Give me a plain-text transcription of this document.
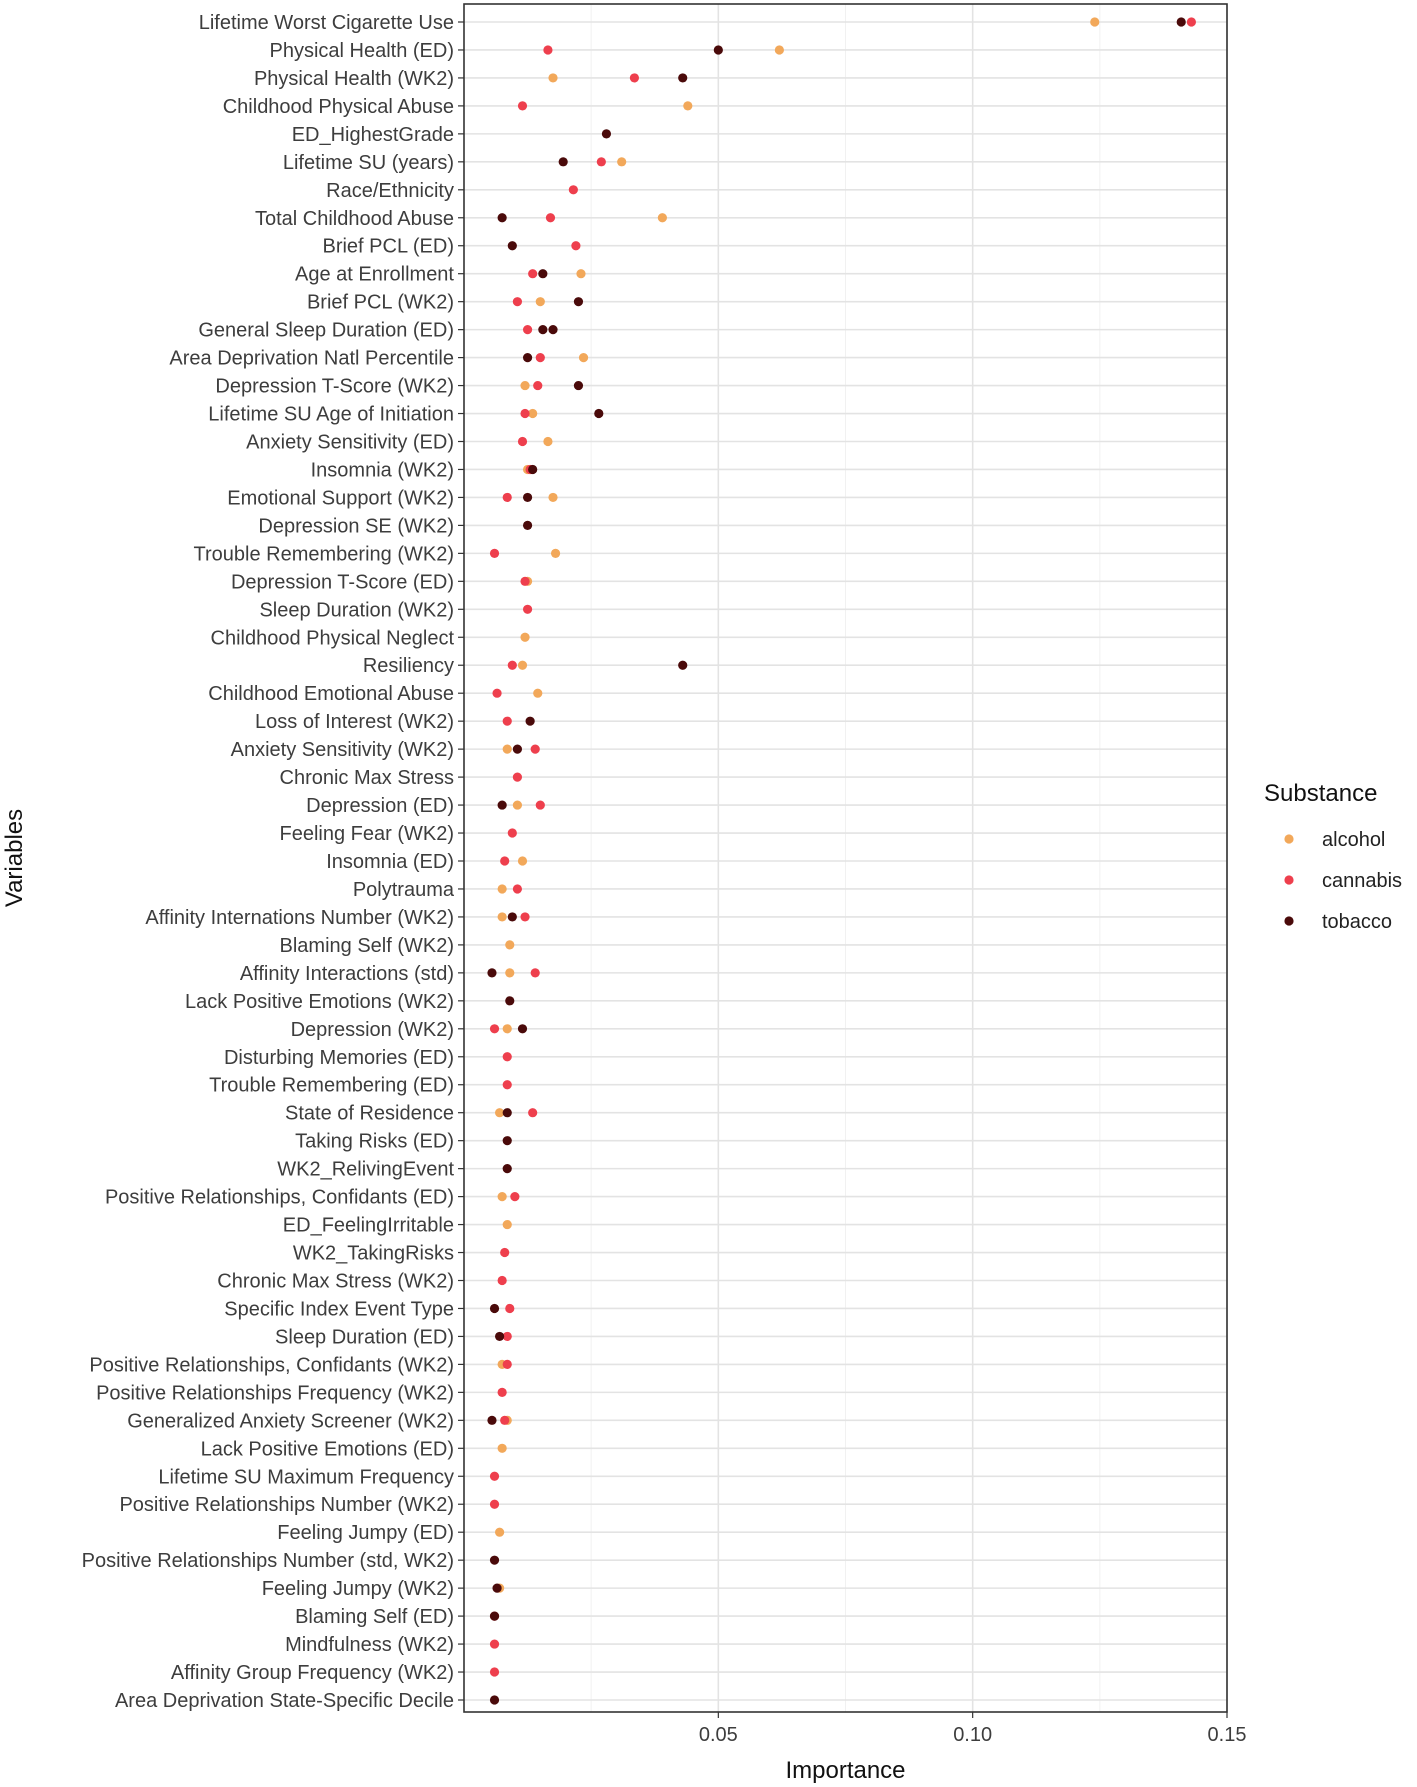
Lifetime Worst Cigarette Use
Physical Health (ED)
Physical Health (WK2)
Childhood Physical Abuse
ED_HighestGrade
Lifetime SU (years)
Race/Ethnicity
Total Childhood Abuse
Brief PCL (ED)
Age at Enrollment
Brief PCL (WK2)
General Sleep Duration (ED)
Area Deprivation Natl Percentile
Depression T-Score (WK2)
Lifetime SU Age of Initiation
Anxiety Sensitivity (ED)
Insomnia (WK2)
Emotional Support (WK2)
Depression SE (WK2)
Trouble Remembering (WK2)
Depression T-Score (ED)
Sleep Duration (WK2)
Childhood Physical Neglect
Resiliency
Childhood Emotional Abuse
Loss of Interest (WK2)
Anxiety Sensitivity (WK2)
Chronic Max Stress
Depression (ED)
Feeling Fear (WK2)
Insomnia (ED)
Polytrauma
Affinity Internations Number (WK2)
Blaming Self (WK2)
Affinity Interactions (std)
Lack Positive Emotions (WK2)
Depression (WK2)
Disturbing Memories (ED)
Trouble Remembering (ED)
State of Residence
Taking Risks (ED)
WK2_RelivingEvent
Positive Relationships, Confidants (ED)
ED_FeelingIrritable
WK2_TakingRisks
Chronic Max Stress (WK2)
Specific Index Event Type
Sleep Duration (ED)
Positive Relationships, Confidants (WK2)
Positive Relationships Frequency (WK2)
Generalized Anxiety Screener (WK2)
Lack Positive Emotions (ED)
Lifetime SU Maximum Frequency
Positive Relationships Number (WK2)
Feeling Jumpy (ED)
Positive Relationships Number (std, WK2)
Feeling Jumpy (WK2)
Blaming Self (ED)
Mindfulness (WK2)
Affinity Group Frequency (WK2)
Area Deprivation State-Specific Decile
0.05	0.10	0.15
Importance
Variables
Substance
alcohol
cannabis
tobacco
